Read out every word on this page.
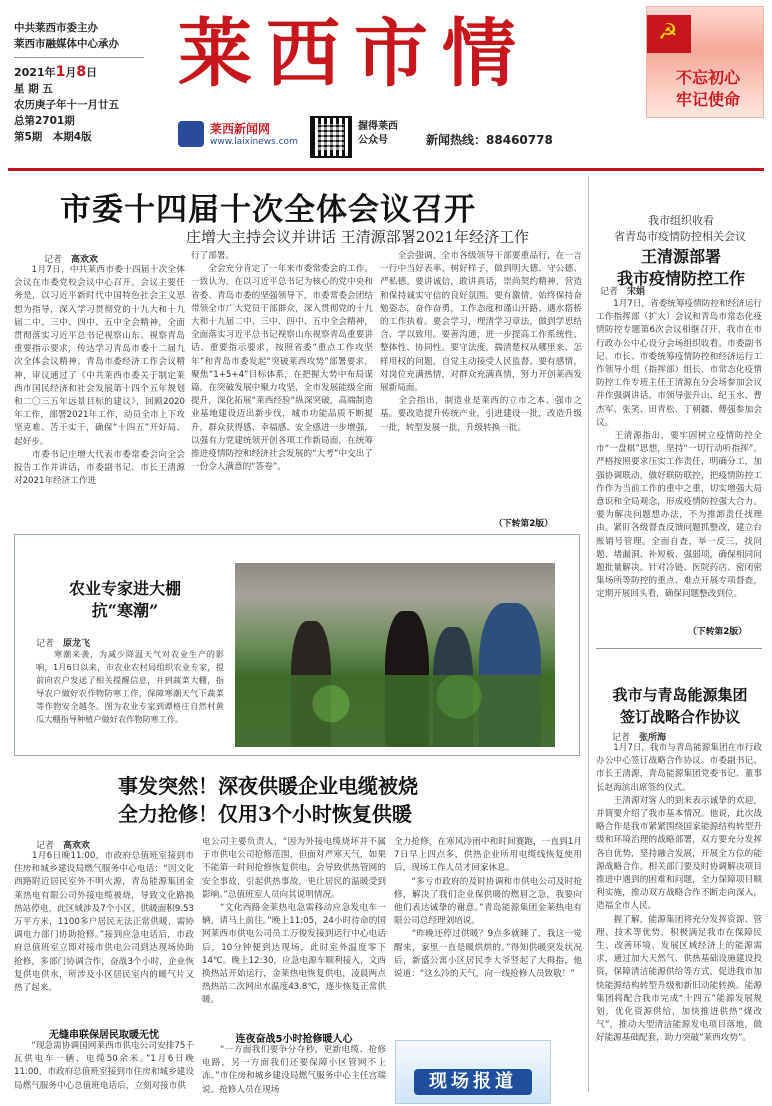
中共莱西市委主办
莱西市融媒体中心承办
2021年1月8日
星 期 五
农历庚子年十一月廿五
总第2701期
第5期　本期4版
莱西市情
莱西新闻网
www.laixinews.com
握得莱西
公众号	新闻热线：88460778
☭
不忘初心
牢记使命
市委十四届十次全体会议召开
庄增大主持会议并讲话 王清源部署2021年经济工作
记者　 高欢欢
　　1月7日，中共莱西市委十四届十次全体会议在市委党校会议中心召开。会议主要任务是，以习近平新时代中国特色社会主义思想为指导，深入学习贯彻党的十九大和十九届二中、三中、四中、五中全会精神，全面贯彻落实习近平总书记视察山东、视察青岛重要指示要求，传达学习青岛市委十二届九次全体会议精神、青岛市委经济工作会议精神，审议通过了《中共莱西市委关于制定莱西市国民经济和社会发展第十四个五年规划和二〇三五年远景目标的建议》，回顾2020年工作，部署2021年工作，动员全市上下攻坚克难、苦干实干，确保“十四五”开好局、起好步。
　　市委书记庄增大代表市委常委会向全会报告工作并讲话，市委副书记、市长王清源对2021年经济工作进
行了部署。
　　全会充分肯定了一年来市委常委会的工作。一致认为，在以习近平总书记为核心的党中央和省委、青岛市委的坚强领导下，市委常委会团结带领全市广大党员干部群众，深入贯彻党的十九大和十九届二中、三中、四中、五中全会精神，全面落实习近平总书记视察山东视察青岛重要讲话、重要指示要求，按照省委“重点工作攻坚年”和青岛市委发起“突破莱西攻势”部署要求，聚焦“1+5+4”目标体系，在把握大势中布局谋篇，在突破发展中聚力攻坚，全市发展能级全面提升，深化拓展“莱西经验”纵深突破，高端制造业基地建设迈出新步伐，城市功能品质不断提升，群众获得感、幸福感、安全感进一步增强，以强有力党建统领开创各项工作新局面，在统筹推进疫情防控和经济社会发展的“大考”中交出了一份令人满意的“答卷”。
　　全会强调，全市各级领导干部要重品行，在一言一行中当好表率、树好样子，做到明大德、守公德、严私德。要讲诚信，敢讲真话，崇尚契约精神，营造和保持诚实守信的良好氛围。要有激情，始终保持奋勉姿态，奋作奋勇，工作态度和谨山开路、遇水搭桥的工作执着。要会学习，埋清学习章法，做到学思结合、学以致用。要善沟通，进一步提高工作系统性、整体性、协同性。要守法度，揣清楚权从哪里来、怎样用权的问题，自觉主动接受人民监督。要有感情，对岗位充满热情，对群众充满真情，努力开创莱西发展新局面。
　　全会指出，制造业是莱西的立市之本、强市之基。要改造提升传统产业，引进建设一批，改造升级一批，转型发展一批，升级转换一批。
（下转第2版）
我市组织收看
省青岛市疫情防控相关会议
王清源部署
我市疫情防控工作
记者　 宋娟
　　1月7日，省委统筹疫情防控和经济运行工作指挥部（扩大）会议和青岛市常态化疫情防控专题第6次会议相继召开，我市在市行政办公中心设分会场组织收看。市委副书记、市长、市委统筹疫情防控和经济运行工作领导小组（指挥部）组长、市常态化疫情防控工作专班主任王清源在分会场参加会议并作强调讲话。市领导张升山、纪玉水、曹杰军、张笑、田青松、丁朝疆、傅强参加会议。
　　王清源指出，要牢固树立疫情防控全市“一盘棋”思想，坚持“一切行动听指挥”。严格按照要求压实工作责任，明确分工，加强协调联动，做好联防联控，把疫情防控工作作为当前工作的重中之重，切实增强大局意识和全局观念，形成疫情防控强大合力。要为解决问题想办法，不为推卸责任找理由。紧盯各级督查反馈问题抓整改，建立台账销号管理。全面自查，举一反三，找问题、堵漏洞、补短板、强弱项，确保相同问题批量解决。针对冷链、医院药店、密闭密集场所等防控的重点、难点开展专项督查，定期开展回头看，确保问题整改到位。
（下转第2版）
我市与青岛能源集团
签订战略合作协议
记者　 张所海
　　1月7日，我市与青岛能源集团在市行政办公中心签订战略合作协议。市委副书记、市长王清源，青岛能源集团党委书记、董事长赵海滨出席签约仪式。
　　王清源对客人的到来表示诚挚的欢迎，并简要介绍了我市基本情况。他说，此次战略合作是我市紧紧围绕国家能源结构转型升级和环境治理的战略部署，双方要充分发挥各自优势，坚持融合发展，开展全方位的能源战略合作。相关部门要及时协调解决项目推进中遇到的困难和问题，全力保障项目顺利实施，推动双方战略合作不断走向深入，造福全市人民。
　　握了解，能源集团将充分发挥资源、管理、技术等优势，积极满足我市在保障民生、改善环境、发展区域经济上的能源需求，通过加大天然气、供热基础设施建设投资，保障清洁能源供给等方式，促进我市加快能源结构转型升级和新旧动能转换。能源集团将配合我市完成“十四五”能源发展规划，优化资源供给，加快推进供热“煤改气”，推动大型清洁能源发电项目落地，做好能源基础配套，助力突破“莱西攻势”。
农业专家进大棚
抗“寒潮”
记者　 原龙飞
　　寒潮来袭，为减少降温天气对农业生产的影响，1月6日以来，市农业农村局组织农业专家，提前向农户发送了相关提醒信息，并到蔬菜大棚，指导农户做好农作物防寒工作，保障寒潮天气下蔬菜等作物安全越冬。图为农业专家到谭格庄自然村黄瓜大棚指导种植户做好农作物防寒工作。
事发突然！深夜供暖企业电缆被烧
全力抢修！仅用3个小时恢复供暖
记者　 高欢欢
　　1月6日晚11:00，市政府总值班室接到市住房和城乡建设局燃气服务中心电话：“因文化西路附近居民室外不明火源，青岛能源集团金莱热电有限公司外接电缆被烧，导致文化路换热站停电，此区域涉及7个小区，供暖面积9.53万平方米，1100多户居民无法正常供暖，需协调电力部门协助抢修。”接到应急电话后，市政府总值班室立即对接市供电公司到达现场协助抢修，多部门协调合作，奋战3个小时，企业恢复供电供水，所涉及小区居民室内的暖气片又热了起来。
无缝串联保居民取暖无忧
　　“现急需协调国网莱西市供电公司安排75千瓦供电车一辆、电缆50余米。”1月6日晚11:00，市政府总值班室接到市住房和城乡建设局燃气服务中心总值班电话后，立刻对接市供
电公司主要负责人，“因为外接电缆烧坏并不属于市供电公司抢修范围，但面对严寒天气，如果不能第一时间抢修恢复供电，会导致供热管网的安全事故，引起供热事故，更让居民的温暖受到影响。”总值班室人员向其说明情况。
　　“文化西路金莱热电急需移动应急发电车一辆，请马上前往。”晚上11:05，24小时待命的国网莱西市供电公司员工万俊发接到运行中心电话后，10分钟便到达现场，此时室外温度零下14℃。晚上12:30，应急电源车顺利接入，文西换热站开始运行，金莱热电恢复供电，凌晨两点热热站二次网出水温度43.8℃，逐步恢复正常供暖。
连夜奋战5小时抢修暖人心
　　“一方面我们要争分夺秒，更新电缆、抢修电路，另一方面我们还要保障小区管网不上冻。”市住房和城乡建设局燃气服务中心主任宫瑞说。抢修人员在现场
全力抢修，在寒风冷雨中和时间赛跑，一直到1月7日早上四点多，供热企业所用电缆线恢复使用后，现场工作人员才回家休息。
　　“多亏市政府的及时协调和市供电公司及时抢修，解决了我们企业保供暖的燃眉之急，我要向他们表达诚挚的谢意。”青岛能源集团金莱热电有限公司总经理刘培说。
　　“昨晚还停过供暖？9点多就睡了，我这一觉醒来，家里一直是暖烘烘的。”得知供暖突发状况后，新盛公寓小区居民李大爷竖起了大拇指，他说道：“这么冷的天气，向一线抢修人员致敬！”
现场报道
